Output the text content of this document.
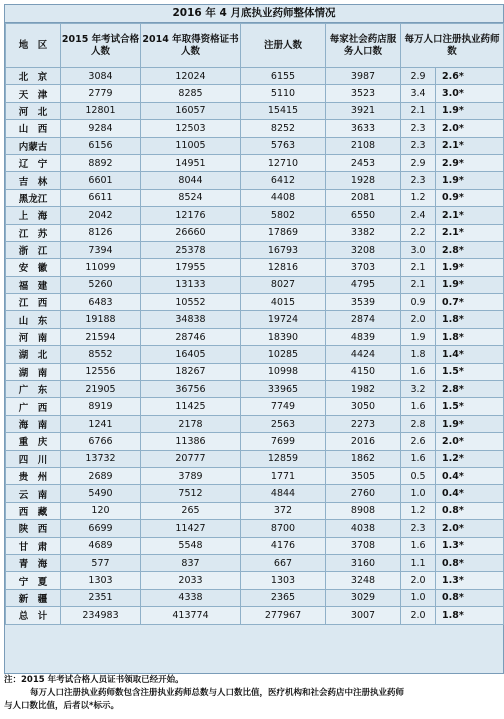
2016 年 4 月底执业药师整体情况
地　区	2015 年考试合格人数	2014 年取得资格证书人数	注册人数	每家社会药店服务人口数	每万人口注册执业药师数	
北　京	3084	12024	6155	3987	2.9	2.6*
天　津	2779	8285	5110	3523	3.4	3.0*
河　北	12801	16057	15415	3921	2.1	1.9*
山　西	9284	12503	8252	3633	2.3	2.0*
内蒙古	6156	11005	5763	2108	2.3	2.1*
辽　宁	8892	14951	12710	2453	2.9	2.9*
吉　林	6601	8044	6412	1928	2.3	1.9*
黑龙江	6611	8524	4408	2081	1.2	0.9*
上　海	2042	12176	5802	6550	2.4	2.1*
江　苏	8126	26660	17869	3382	2.2	2.1*
浙　江	7394	25378	16793	3208	3.0	2.8*
安　徽	11099	17955	12816	3703	2.1	1.9*
福　建	5260	13133	8027	4795	2.1	1.9*
江　西	6483	10552	4015	3539	0.9	0.7*
山　东	19188	34838	19724	2874	2.0	1.8*
河　南	21594	28746	18390	4839	1.9	1.8*
湖　北	8552	16405	10285	4424	1.8	1.4*
湖　南	12556	18267	10998	4150	1.6	1.5*
广　东	21905	36756	33965	1982	3.2	2.8*
广　西	8919	11425	7749	3050	1.6	1.5*
海　南	1241	2178	2563	2273	2.8	1.9*
重　庆	6766	11386	7699	2016	2.6	2.0*
四　川	13732	20777	12859	1862	1.6	1.2*
贵　州	2689	3789	1771	3505	0.5	0.4*
云　南	5490	7512	4844	2760	1.0	0.4*
西　藏	120	265	372	8908	1.2	0.8*
陕　西	6699	11427	8700	4038	2.3	2.0*
甘　肃	4689	5548	4176	3708	1.6	1.3*
青　海	577	837	667	3160	1.1	0.8*
宁　夏	1303	2033	1303	3248	2.0	1.3*
新　疆	2351	4338	2365	3029	1.0	0.8*
总　计	234983	413774	277967	3007	2.0	1.8*

注：2015 年考试合格人员证书领取已经开始。

每万人口注册执业药师数包含注册执业药师总数与人口数比值，医疗机构和社会药店中注册执业药师

与人口数比值，后者以*标示。
